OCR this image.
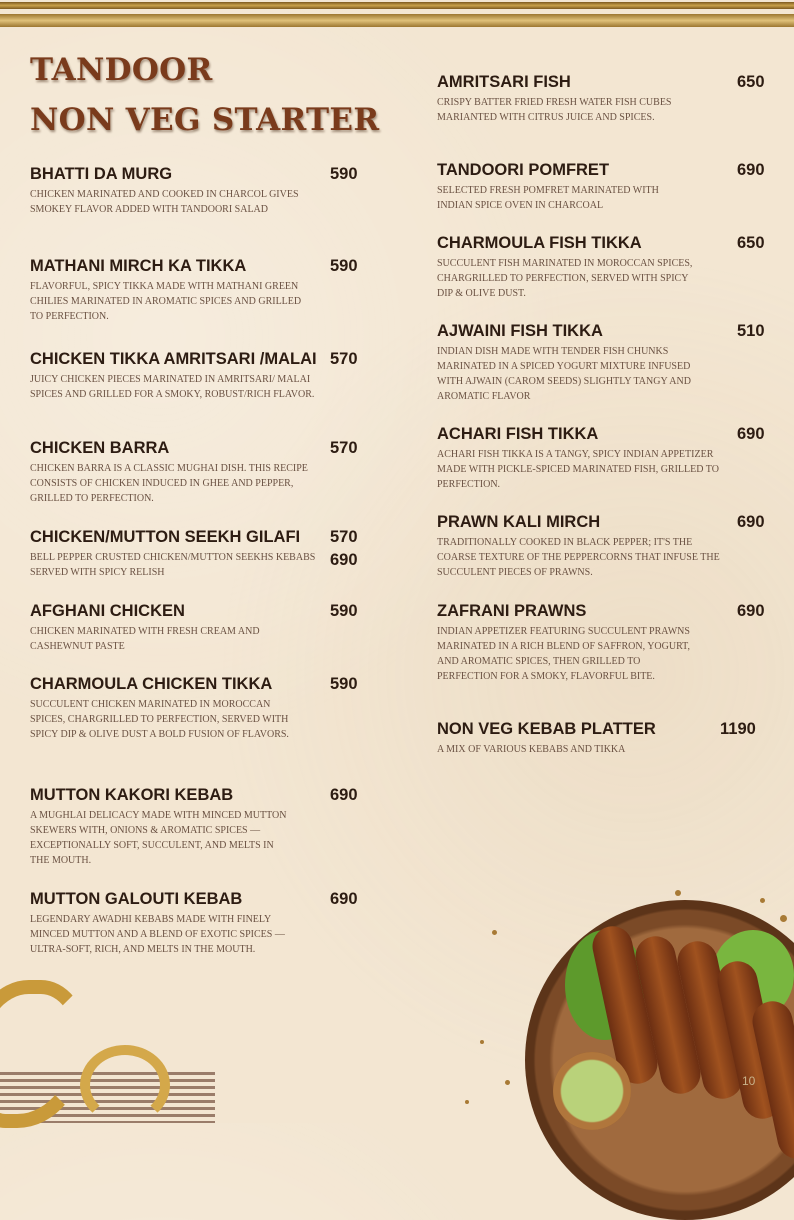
TANDOOR
NON VEG STARTER
BHATTI DA MURG	590

CHICKEN MARINATED AND COOKED IN CHARCOL GIVES SMOKEY FLAVOR ADDED WITH TANDOORI SALAD

MATHANI MIRCH KA TIKKA	590

FLAVORFUL, SPICY TIKKA MADE WITH MATHANI GREEN CHILIES MARINATED IN AROMATIC SPICES AND GRILLED TO PERFECTION.

CHICKEN TIKKA AMRITSARI /MALAI 570

JUICY CHICKEN PIECES MARINATED IN AMRITSARI/ MALAI SPICES AND GRILLED FOR A SMOKY, ROBUST/RICH FLAVOR.

CHICKEN BARRA	570

CHICKEN BARRA IS A CLASSIC MUGHAI DISH. THIS RECIPE CONSISTS OF CHICKEN INDUCED IN GHEE AND PEPPER, GRILLED TO PERFECTION.

CHICKEN/MUTTON SEEKH GILAFI 570
690

BELL PEPPER CRUSTED CHICKEN/MUTTON SEEKHS KEBABS SERVED WITH SPICY RELISH

AFGHANI CHICKEN	590

CHICKEN MARINATED WITH FRESH CREAM AND CASHEWNUT PASTE

CHARMOULA CHICKEN TIKKA	590

SUCCULENT CHICKEN MARINATED IN MOROCCAN SPICES, CHARGRILLED TO PERFECTION, SERVED WITH SPICY DIP & OLIVE DUST A BOLD FUSION OF FLAVORS.

MUTTON KAKORI KEBAB	690

A MUGHLAI DELICACY MADE WITH MINCED MUTTON SKEWERS WITH, ONIONS & AROMATIC SPICES — EXCEPTIONALLY SOFT, SUCCULENT, AND MELTS IN THE MOUTH.

MUTTON GALOUTI KEBAB	690

LEGENDARY AWADHI KEBABS MADE WITH FINELY MINCED MUTTON AND A BLEND OF EXOTIC SPICES — ULTRA-SOFT, RICH, AND MELTS IN THE MOUTH.

AMRITSARI FISH	650

CRISPY BATTER FRIED FRESH WATER FISH CUBES MARIANTED WITH CITRUS JUICE AND SPICES.

TANDOORI POMFRET	690

SELECTED FRESH POMFRET MARINATED WITH INDIAN SPICE OVEN IN CHARCOAL

CHARMOULA FISH TIKKA	650

SUCCULENT FISH MARINATED IN MOROCCAN SPICES, CHARGRILLED TO PERFECTION, SERVED WITH SPICY DIP & OLIVE DUST.

AJWAINI FISH TIKKA	510

INDIAN DISH MADE WITH TENDER FISH CHUNKS MARINATED IN A SPICED YOGURT MIXTURE INFUSED WITH AJWAIN (CAROM SEEDS) SLIGHTLY TANGY AND AROMATIC FLAVOR

ACHARI FISH TIKKA	690

ACHARI FISH TIKKA IS A TANGY, SPICY INDIAN APPETIZER MADE WITH PICKLE-SPICED MARINATED FISH, GRILLED TO PERFECTION.

PRAWN KALI MIRCH	690

TRADITIONALLY COOKED IN BLACK PEPPER; IT'S THE COARSE TEXTURE OF THE PEPPERCORNS THAT INFUSE THE SUCCULENT PIECES OF PRAWNS.

ZAFRANI PRAWNS	690

INDIAN APPETIZER FEATURING SUCCULENT PRAWNS MARINATED IN A RICH BLEND OF SAFFRON, YOGURT, AND AROMATIC SPICES, THEN GRILLED TO PERFECTION FOR A SMOKY, FLAVORFUL BITE.

NON VEG KEBAB PLATTER	1190

A MIX OF VARIOUS KEBABS AND TIKKA

10
